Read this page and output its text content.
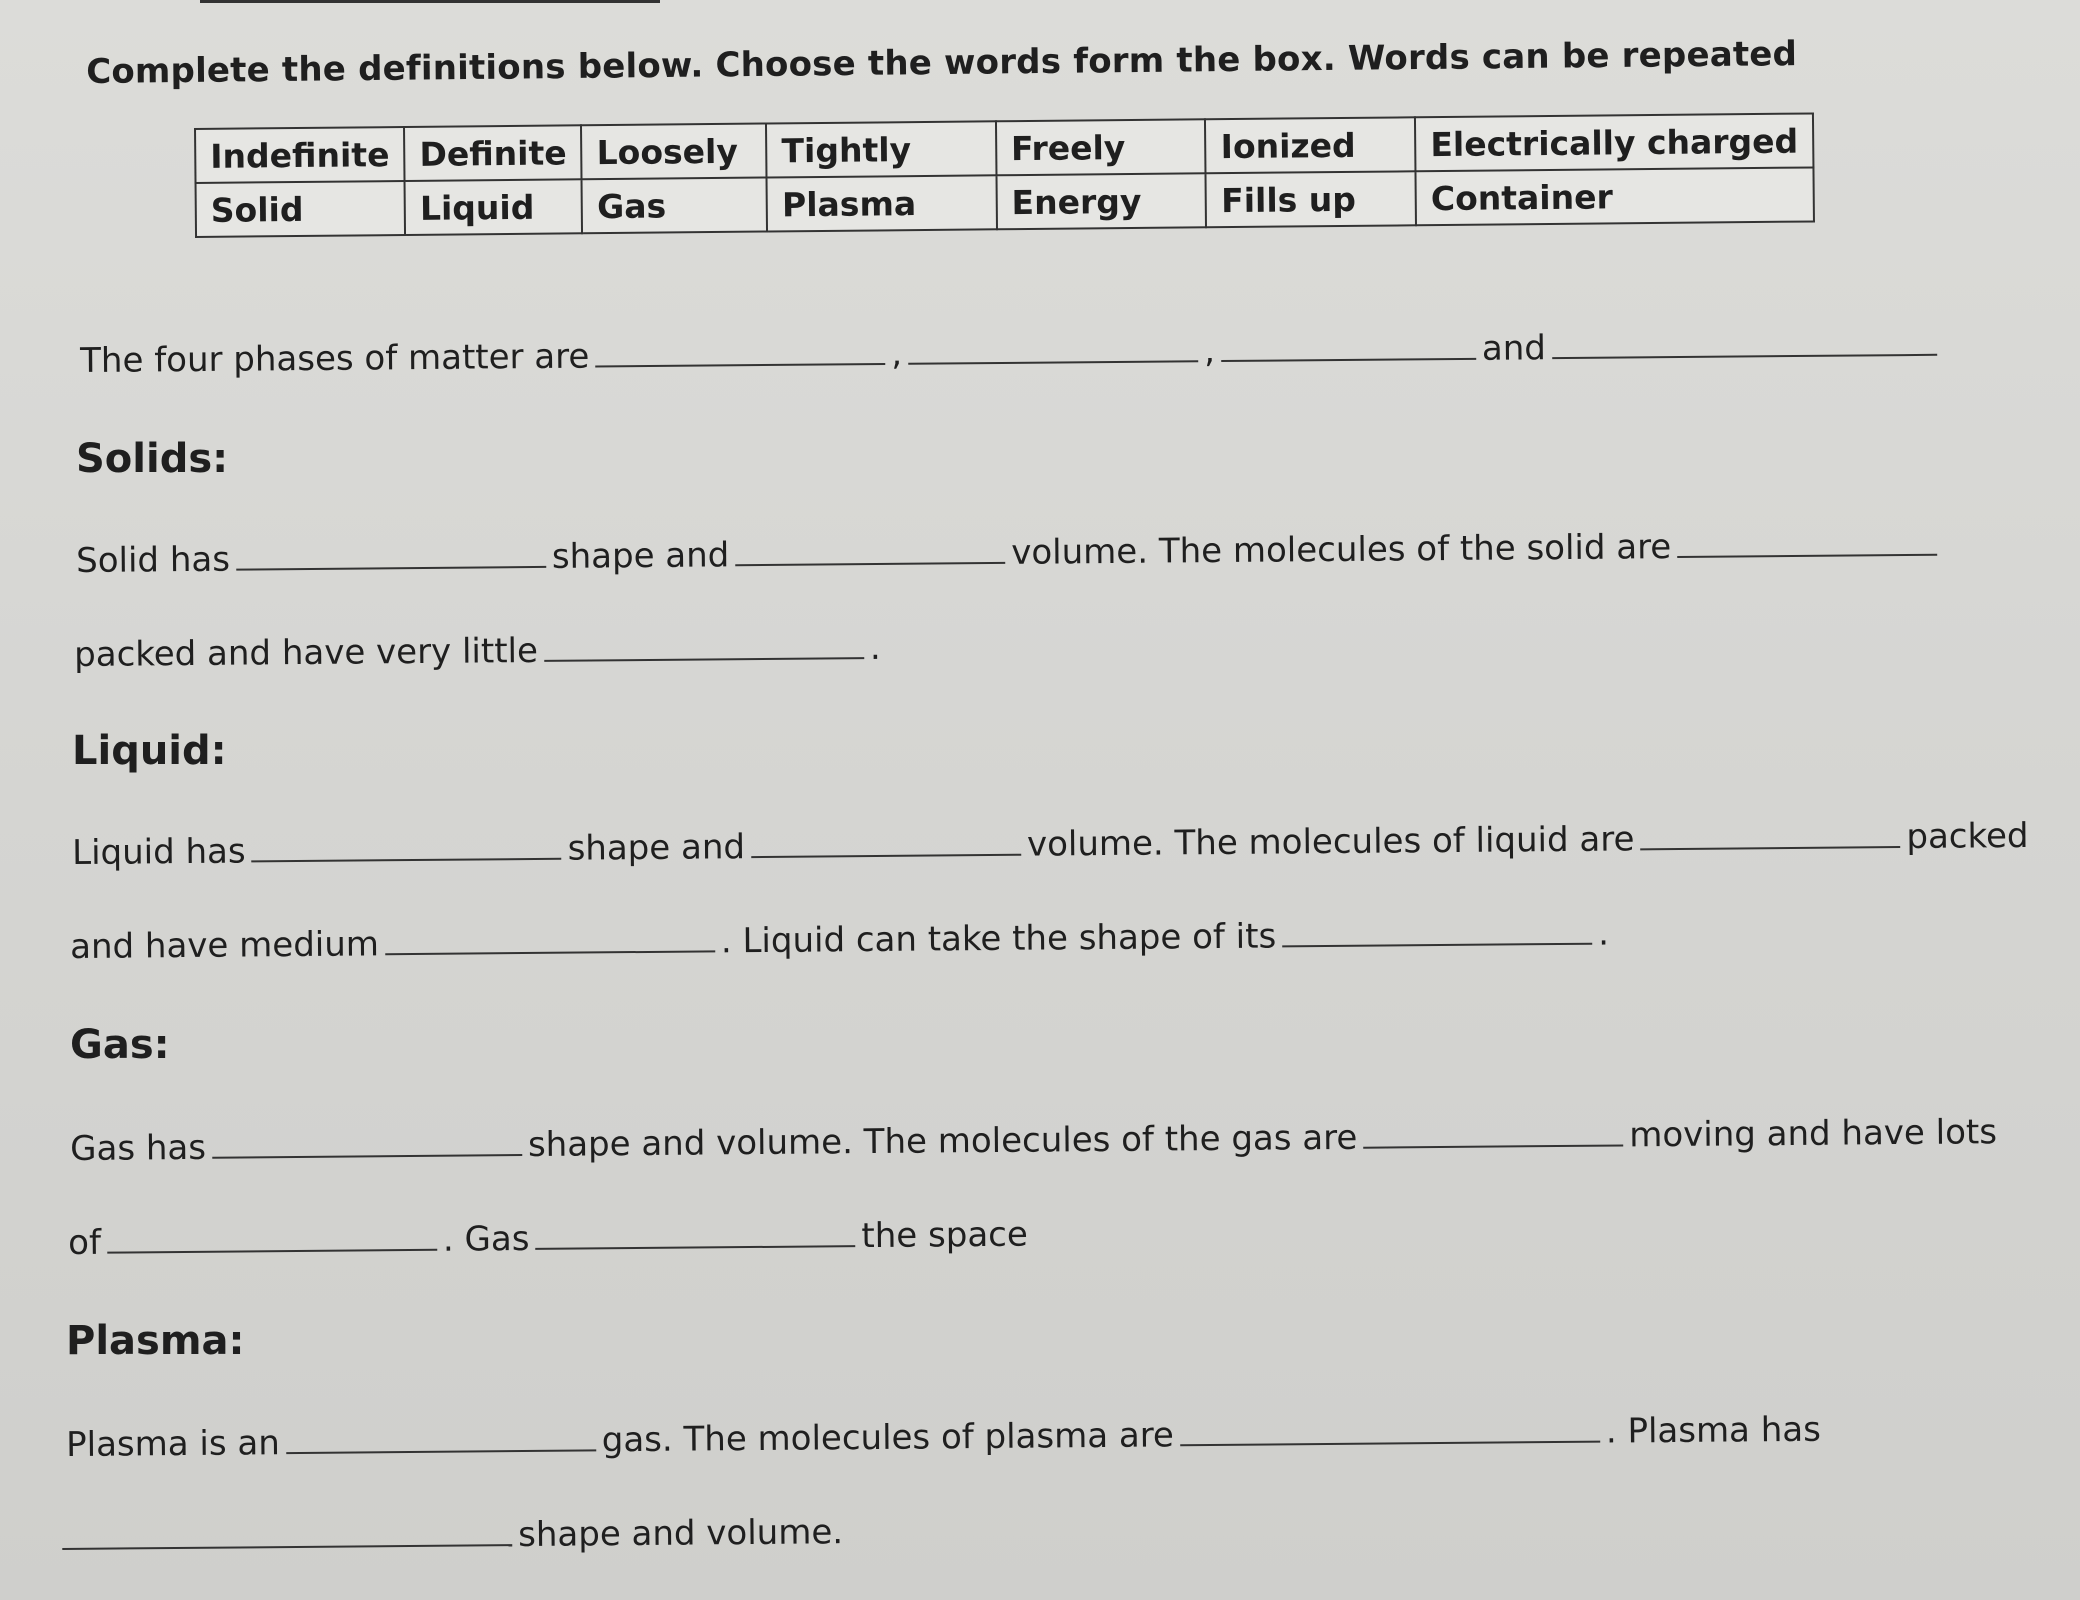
Complete the definitions below. Choose the words form the box. Words can be repeated
Indefinite	Definite	Loosely	Tightly	Freely	Ionized	Electrically charged
Solid	Liquid	Gas	Plasma	Energy	Fills up	Container
The four phases of matter are	,	,	and
Solids:
Solid has	shape and	volume. The molecules of the solid are
packed and have very little	.
Liquid:
Liquid has	shape and	volume. The molecules of liquid are	packed
and have medium	. Liquid can take the shape of its	.
Gas:
Gas has	shape and volume. The molecules of the gas are	moving and have lots
of	. Gas	the space
Plasma:
Plasma is an	gas. The molecules of plasma are	. Plasma has
shape and volume.
